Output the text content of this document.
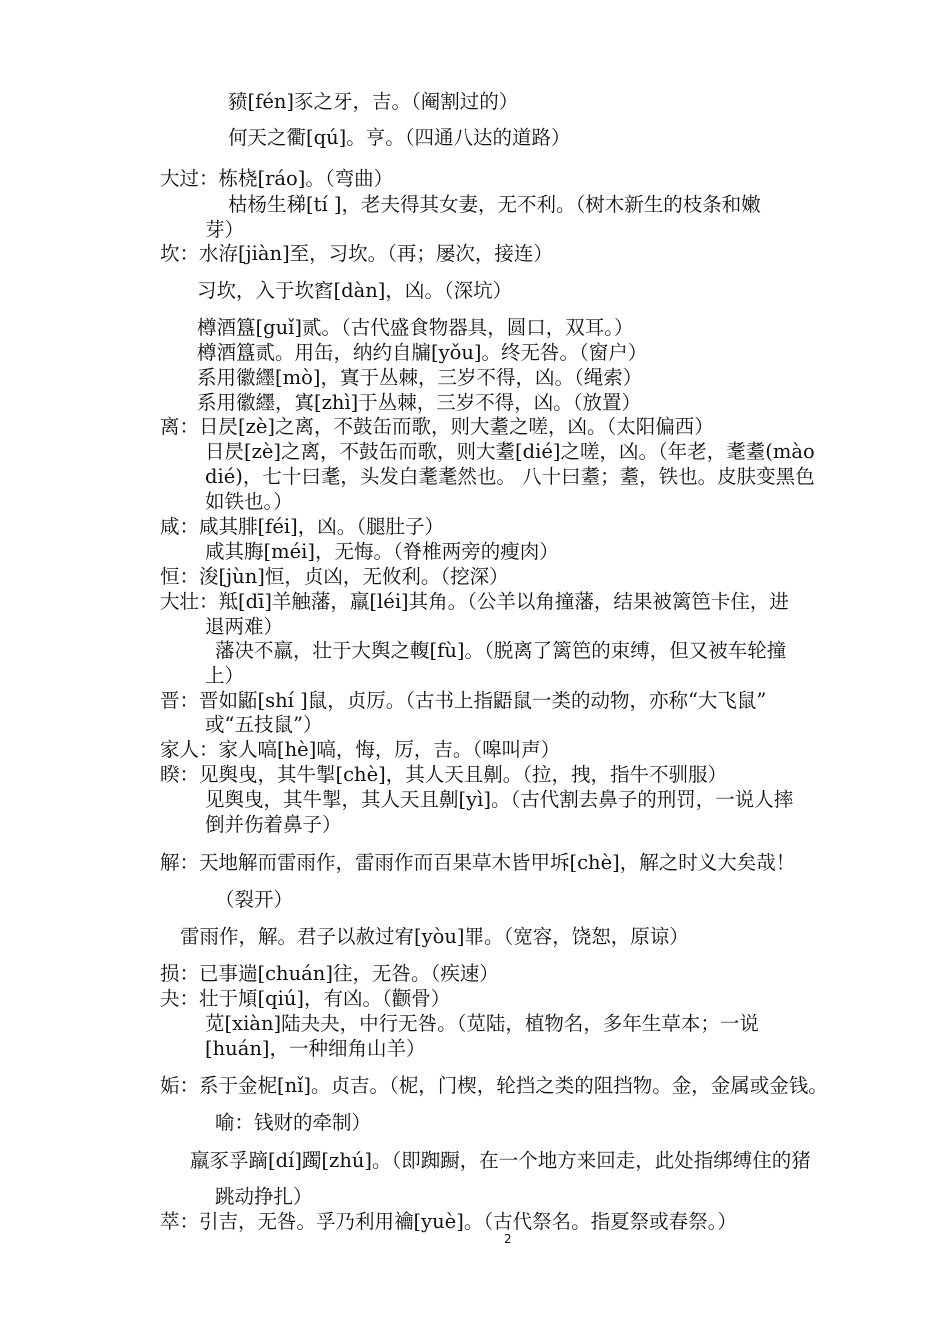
豮[fén]豕之牙，吉。（阉割过的）
何天之衢[qú]。亨。（四通八达的道路）
大过：栋桡[ráo]。（弯曲）
枯杨生稊[tí ]，老夫得其女妻，无不利。（树木新生的枝条和嫩
芽）
坎：水洊[jiàn]至，习坎。（再；屡次，接连）
习坎，入于坎窞[dàn]，凶。（深坑）
樽酒簋[guǐ]贰。（古代盛食物器具，圆口，双耳。）
樽酒簋贰。用缶，纳约自牖[yǒu]。终无咎。（窗户）
系用徽纆[mò]，寘于丛棘，三岁不得，凶。（绳索）
系用徽纆，寘[zhì]于丛棘，三岁不得，凶。（放置）
离：日昃[zè]之离，不鼓缶而歌，则大耋之嗟，凶。（太阳偏西）
日昃[zè]之离，不鼓缶而歌，则大耋[dié]之嗟，凶。（年老，耄耋(mào
dié)，七十曰耄，头发白耄耄然也。 八十曰耋；耋，铁也。皮肤变黑色
如铁也。）
咸：咸其腓[féi]，凶。（腿肚子）
咸其脢[méi]，无悔。（脊椎两旁的瘦肉）
恒：浚[jùn]恒，贞凶，无攸利。（挖深）
大壮：羝[dī]羊触藩，羸[léi]其角。（公羊以角撞藩，结果被篱笆卡住，进
退两难）
藩决不羸，壮于大舆之輹[fù]。（脱离了篱笆的束缚，但又被车轮撞
上）
晋：晋如鼫[shí ]鼠，贞厉。（古书上指鼯鼠一类的动物，亦称“大飞鼠”
或“五技鼠”）
家人：家人嗃[hè]嗃，悔，厉，吉。（嗥叫声）
睽：见舆曳，其牛掣[chè]，其人天且劓。（拉，拽，指牛不驯服）
见舆曳，其牛掣，其人天且劓[yì]。（古代割去鼻子的刑罚，一说人摔
倒并伤着鼻子）
解：天地解而雷雨作，雷雨作而百果草木皆甲坼[chè]，解之时义大矣哉！
（裂开）
雷雨作，解。君子以赦过宥[yòu]罪。（宽容，饶恕，原谅）
损：已事遄[chuán]往，无咎。（疾速）
夬：壮于頄[qiú]，有凶。（颧骨）
苋[xiàn]陆夬夬，中行无咎。（苋陆，植物名，多年生草本；一说
[huán]，一种细角山羊）
姤：系于金柅[nǐ]。贞吉。（柅，门楔，轮挡之类的阻挡物。金，金属或金钱。
喻：钱财的牵制）
羸豕孚蹢[dí]躅[zhú]。（即踟蹰，在一个地方来回走，此处指绑缚住的猪
跳动挣扎）
萃：引吉，无咎。孚乃利用禴[yuè]。（古代祭名。指夏祭或春祭。）
2
